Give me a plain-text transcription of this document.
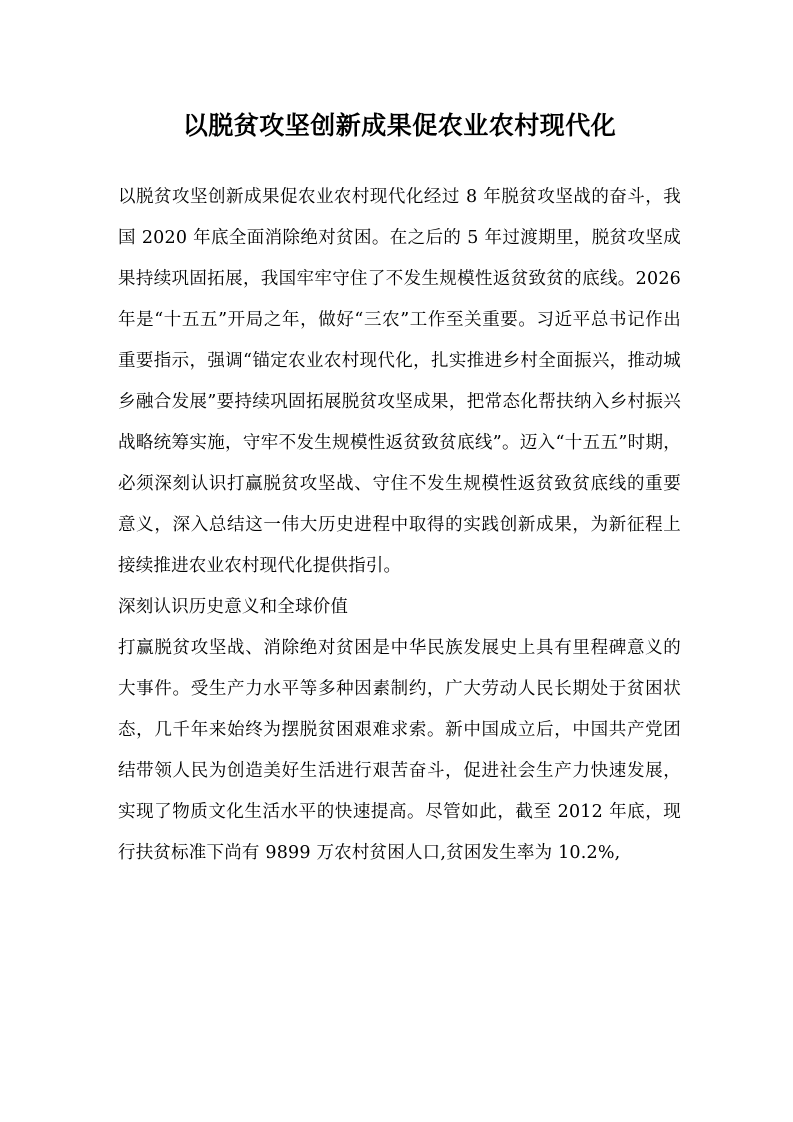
以脱贫攻坚创新成果促农业农村现代化

以脱贫攻坚创新成果促农业农村现代化经过 8 年脱贫攻坚战的奋斗，我国 2020 年底全面消除绝对贫困。在之后的 5 年过渡期里，脱贫攻坚成果持续巩固拓展，我国牢牢守住了不发生规模性返贫致贫的底线。2026 年是“十五五”开局之年，做好“三农”工作至关重要。习近平总书记作出重要指示，强调“锚定农业农村现代化，扎实推进乡村全面振兴，推动城乡融合发展”要持续巩固拓展脱贫攻坚成果，把常态化帮扶纳入乡村振兴战略统筹实施，守牢不发生规模性返贫致贫底线”。迈入“十五五”时期，必须深刻认识打赢脱贫攻坚战、守住不发生规模性返贫致贫底线的重要意义，深入总结这一伟大历史进程中取得的实践创新成果，为新征程上接续推进农业农村现代化提供指引。

深刻认识历史意义和全球价值

打赢脱贫攻坚战、消除绝对贫困是中华民族发展史上具有里程碑意义的大事件。受生产力水平等多种因素制约，广大劳动人民长期处于贫困状态，几千年来始终为摆脱贫困艰难求索。新中国成立后，中国共产党团结带领人民为创造美好生活进行艰苦奋斗，促进社会生产力快速发展，实现了物质文化生活水平的快速提高。尽管如此，截至 2012 年底，现行扶贫标准下尚有 9899 万农村贫困人口,贫困发生率为 10.2%,
